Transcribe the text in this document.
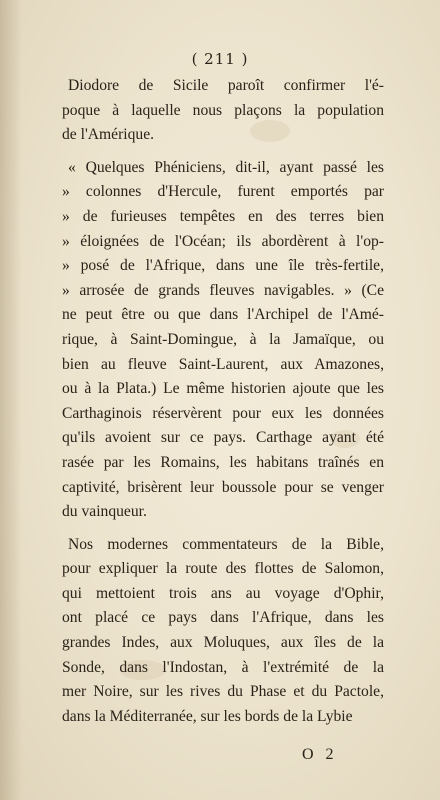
( 211 )
Diodore de Sicile paroît confirmer l'é-
poque à laquelle nous plaçons la population
de l'Amérique.
« Quelques Phéniciens, dit-il, ayant passé les
» colonnes d'Hercule, furent emportés par
» de furieuses tempêtes en des terres bien
» éloignées de l'Océan; ils abordèrent à l'op-
» posé de l'Afrique, dans une île très-fertile,
» arrosée de grands fleuves navigables. » (Ce
ne peut être ou que dans l'Archipel de l'Amé-
rique, à Saint-Domingue, à la Jamaïque, ou
bien au fleuve Saint-Laurent, aux Amazones,
ou à la Plata.) Le même historien ajoute que les
Carthaginois réservèrent pour eux les données
qu'ils avoient sur ce pays. Carthage ayant été
rasée par les Romains, les habitans traînés en
captivité, brisèrent leur boussole pour se venger
du vainqueur.
Nos modernes commentateurs de la Bible,
pour expliquer la route des flottes de Salomon,
qui mettoient trois ans au voyage d'Ophir,
ont placé ce pays dans l'Afrique, dans les
grandes Indes, aux Moluques, aux îles de la
Sonde, dans l'Indostan, à l'extrémité de la
mer Noire, sur les rives du Phase et du Pactole,
dans la Méditerranée, sur les bords de la Lybie
O 2
